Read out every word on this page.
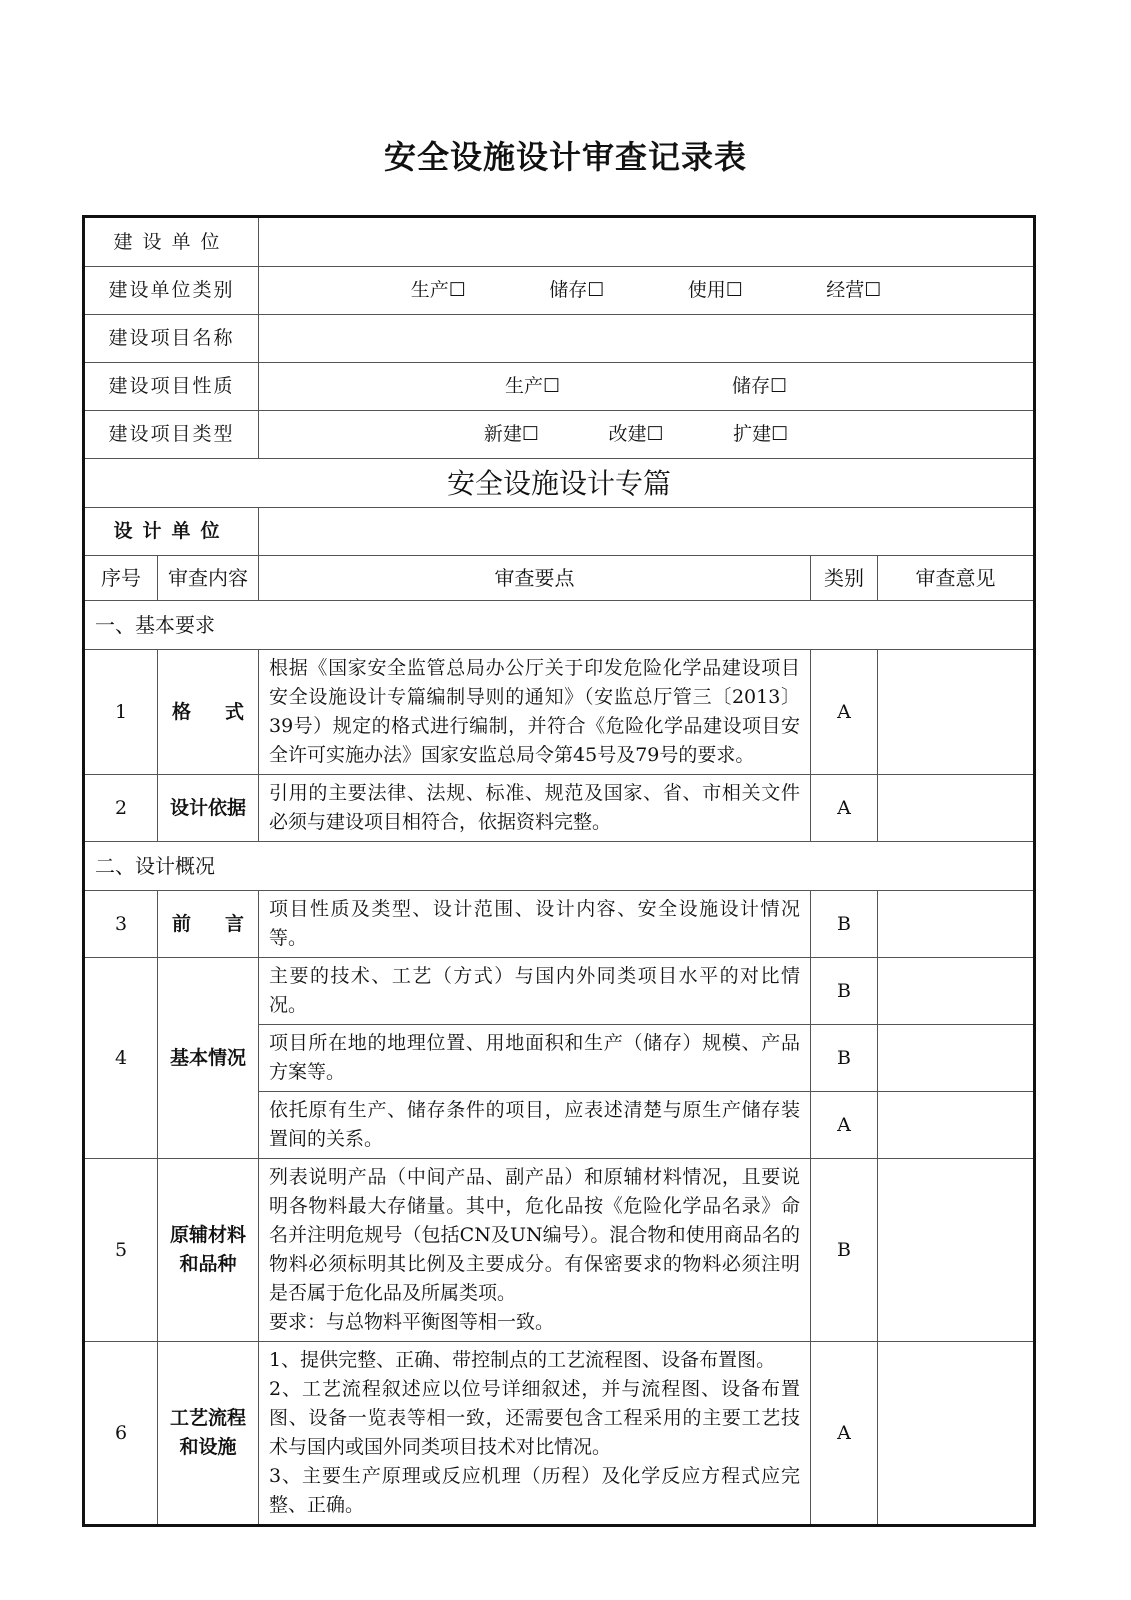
安全设施设计审查记录表
建设单位				
建设单位类别		生产☐ 储存☐ 使用☐ 经营☐		

建设项目名称				
建设项目性质		生产☐ 储存☐		

建设项目类型		新建☐ 改建☐ 扩建☐		

安全设施设计专篇				
设计单位				
序号	审查内容	审查要点	类别	审查意见
一、基本要求				
1	格 式	根据《国家安全监管总局办公厅关于印发危险化学品建设项目安全设施设计专篇编制导则的通知》（安监总厅管三〔2013〕39号）规定的格式进行编制，并符合《危险化学品建设项目安全许可实施办法》国家安监总局令第45号及79号的要求。	A	
2	设计依据	引用的主要法律、法规、标准、规范及国家、省、市相关文件必须与建设项目相符合，依据资料完整。	A	
二、设计概况				
3	前 言	项目性质及类型、设计范围、设计内容、安全设施设计情况等。	B	
4	基本情况	主要的技术、工艺（方式）与国内外同类项目水平的对比情况。	B	
		项目所在地的地理位置、用地面积和生产（储存）规模、产品方案等。	B	
		依托原有生产、储存条件的项目，应表述清楚与原生产储存装置间的关系。	A	
5	原辅材料和品种	列表说明产品（中间产品、副产品）和原辅材料情况，且要说明各物料最大存储量。其中，危化品按《危险化学品名录》命名并注明危规号（包括CN及UN编号）。混合物和使用商品名的物料必须标明其比例及主要成分。有保密要求的物料必须注明是否属于危化品及所属类项。

要求：与总物料平衡图等相一致。	B	
6	工艺流程和设施	1、提供完整、正确、带控制点的工艺流程图、设备布置图。

2、工艺流程叙述应以位号详细叙述，并与流程图、设备布置图、设备一览表等相一致，还需要包含工程采用的主要工艺技术与国内或国外同类项目技术对比情况。

3、主要生产原理或反应机理（历程）及化学反应方程式应完整、正确。	A	
